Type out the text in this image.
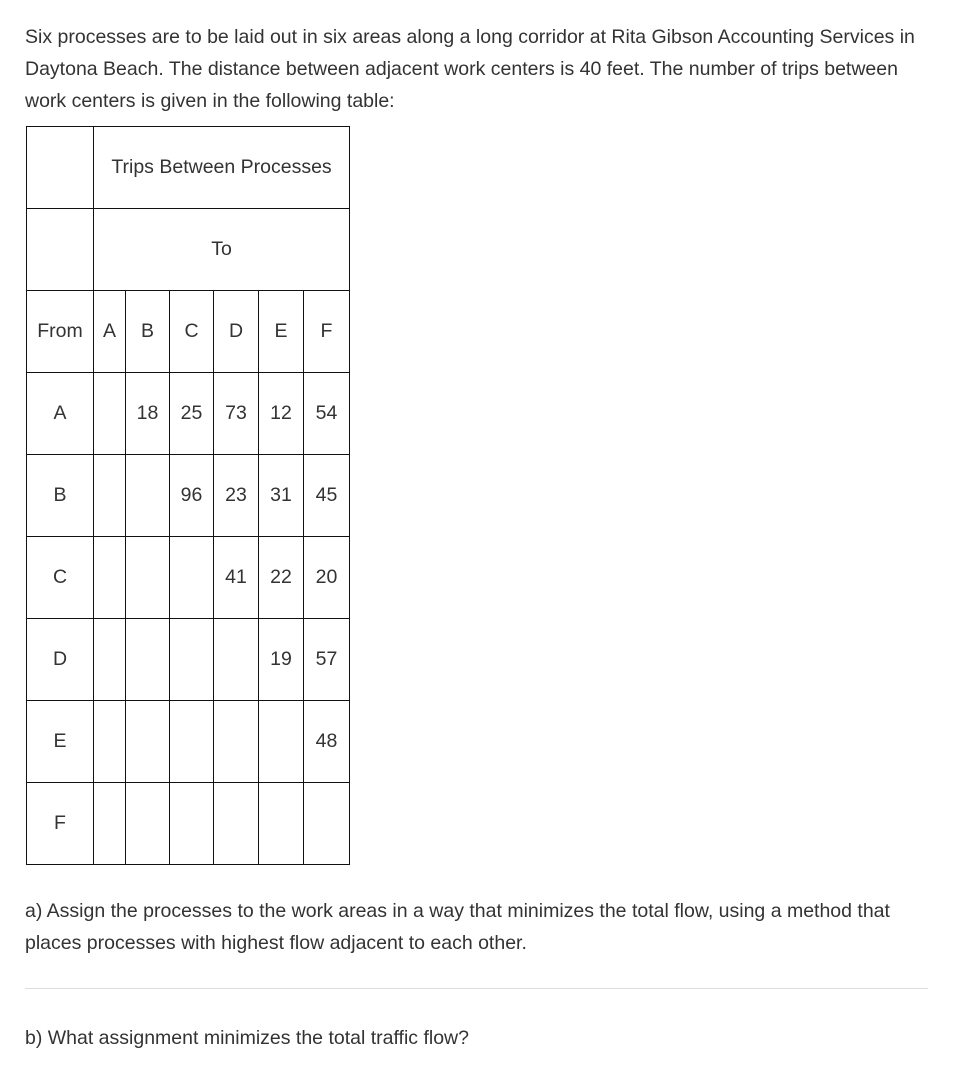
Six processes are to be laid out in six areas along a long corridor at Rita Gibson Accounting Services in Daytona Beach. The distance between adjacent work centers is 40 feet. The number of trips between work centers is given in the following table:

	Trips Between Processes					
	To					
From	A	B	C	D	E	F
A		18	25	73	12	54
B			96	23	31	45
C				41	22	20
D					19	57
E						48
F						

a) Assign the processes to the work areas in a way that minimizes the total flow, using a method that places processes with highest flow adjacent to each other.

b) What assignment minimizes the total traffic flow?
